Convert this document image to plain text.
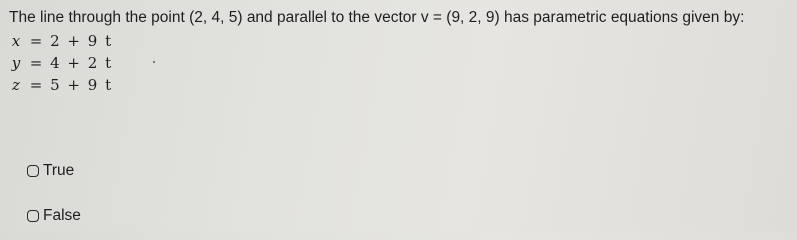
The line through the point (2, 4, 5) and parallel to the vector v = (9, 2, 9) has parametric equations given by:
x = 2 + 9 t
y = 4 + 2 t
z = 5 + 9 t
True
False
